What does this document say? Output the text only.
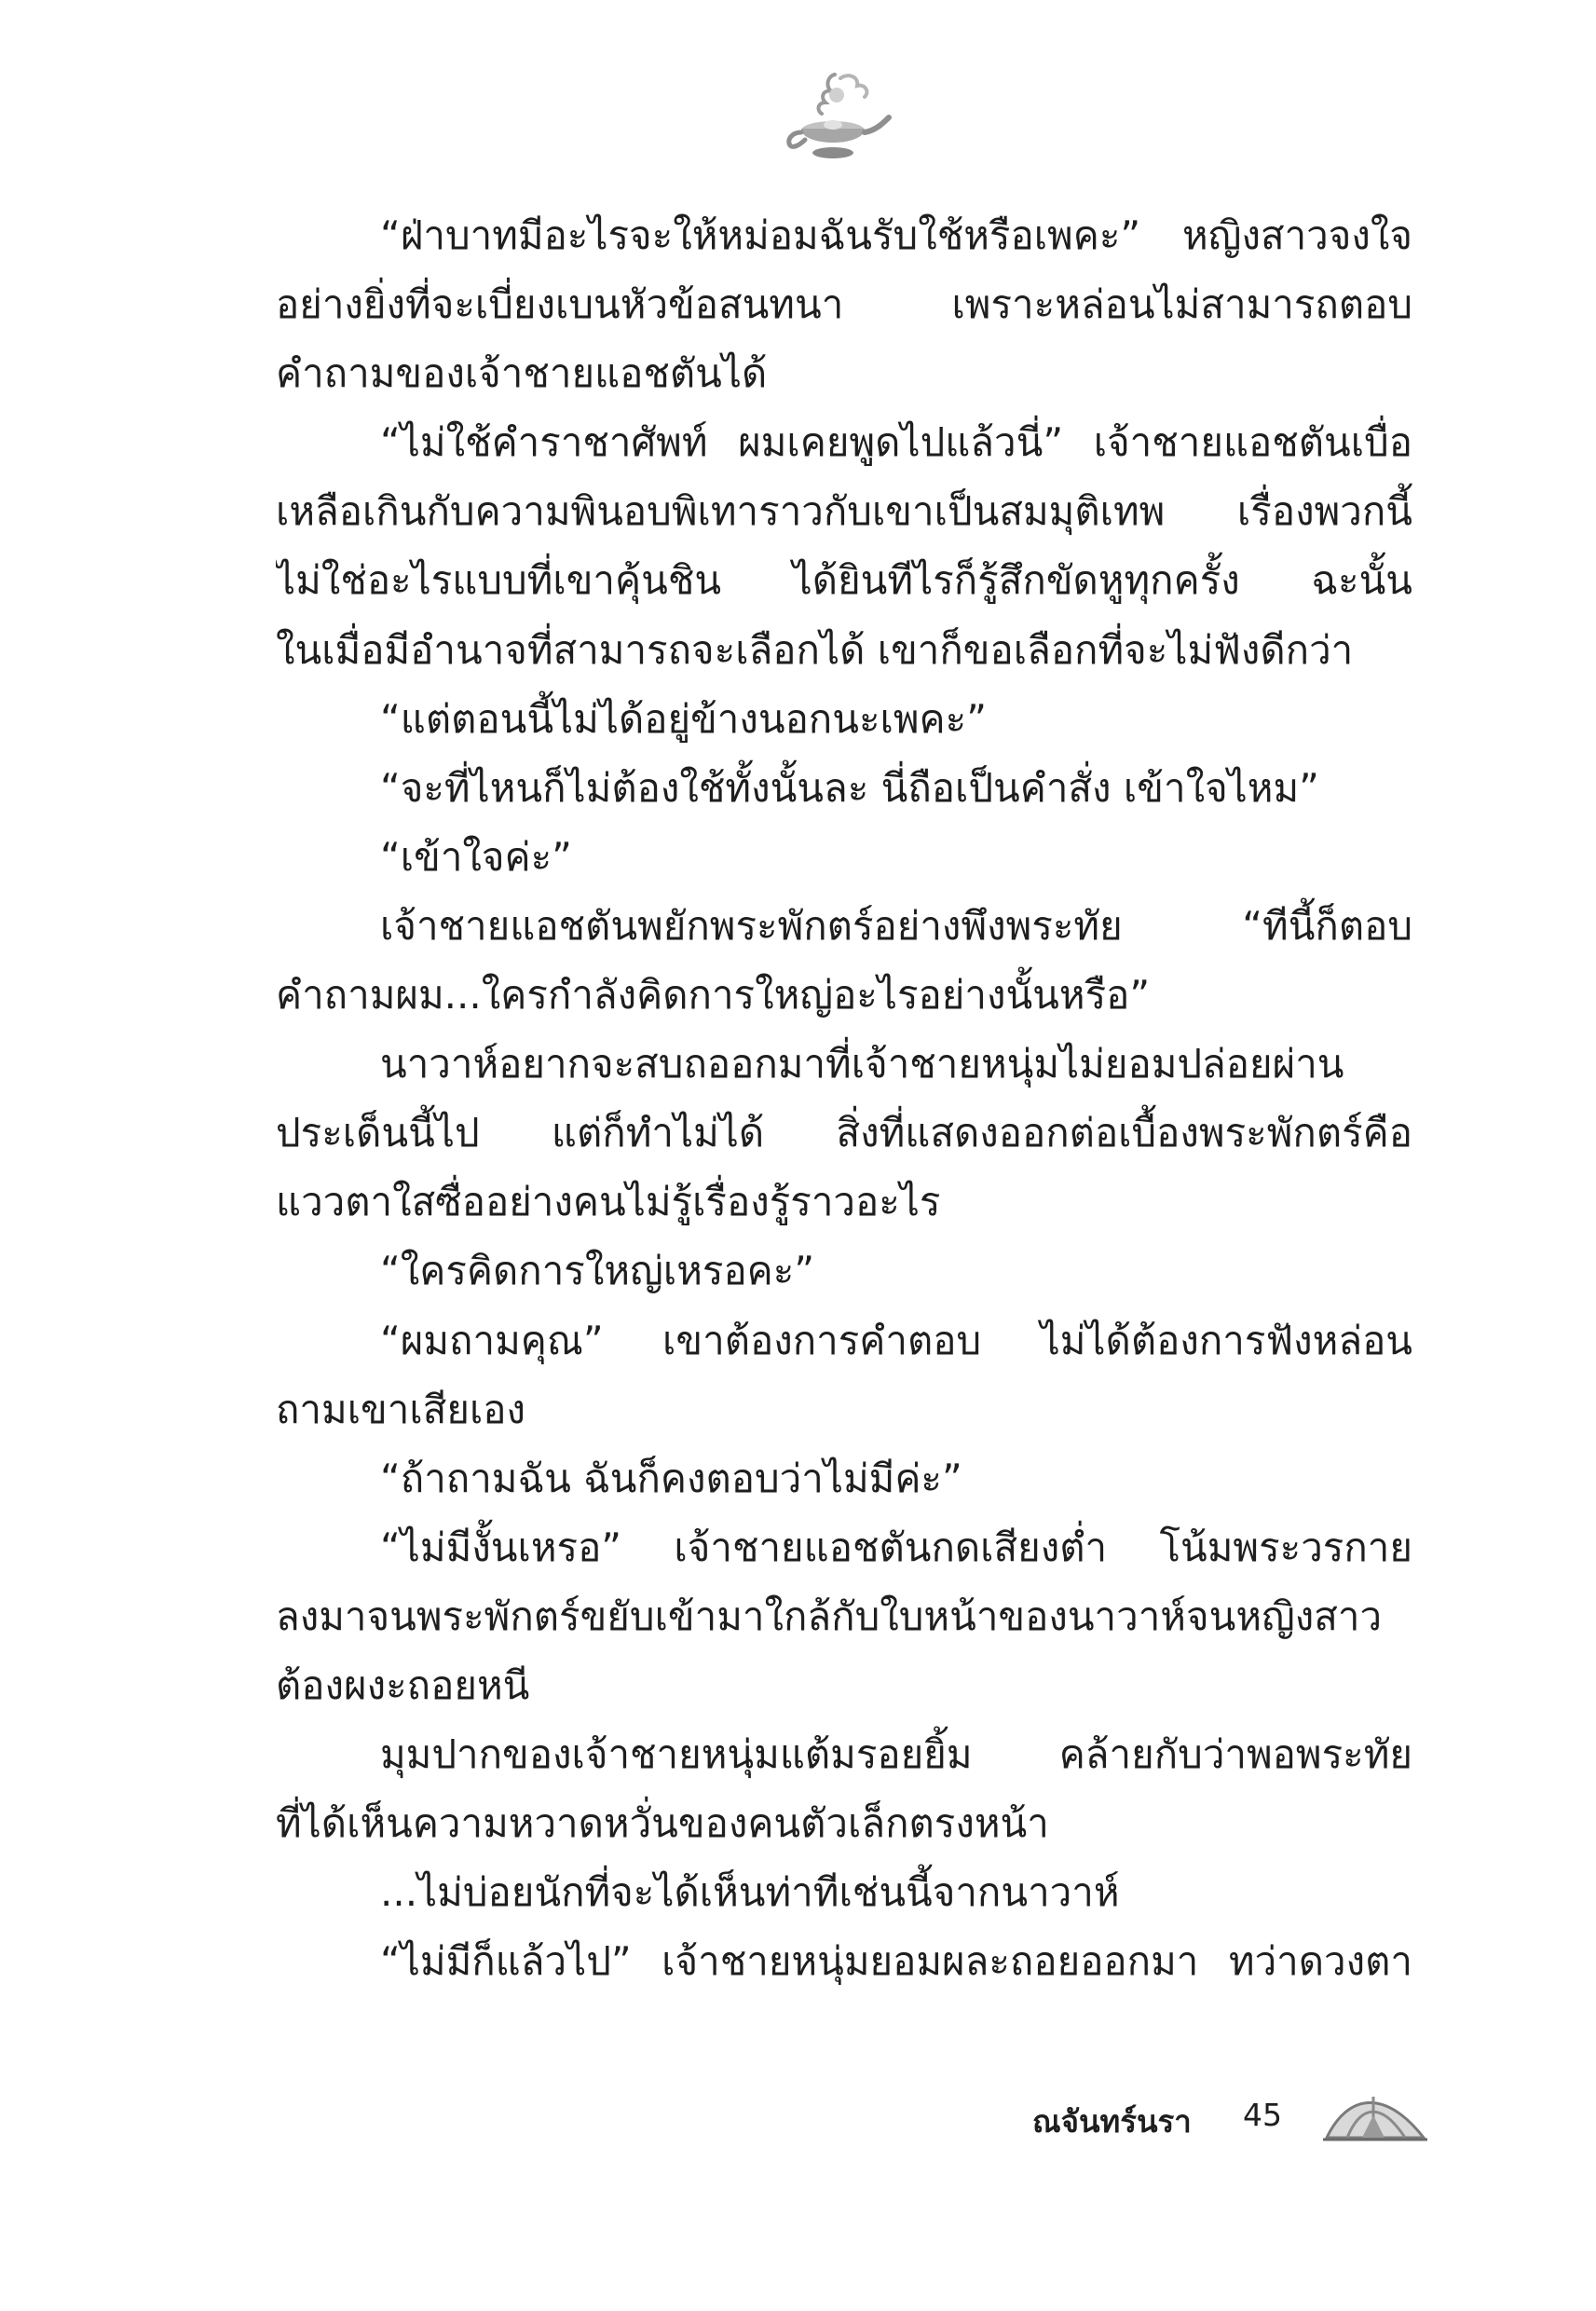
“ฝ่าบาทมีอะไรจะให้หม่อมฉันรับใช้หรือเพคะ” หญิงสาวจงใจ
อย่างยิ่งที่จะเบี่ยงเบนหัวข้อสนทนา เพราะหล่อนไม่สามารถตอบ
คำถามของเจ้าชายแอชตันได้
“ไม่ใช้คำราชาศัพท์ ผมเคยพูดไปแล้วนี่” เจ้าชายแอชตันเบื่อ
เหลือเกินกับความพินอบพิเทาราวกับเขาเป็นสมมุติเทพ เรื่องพวกนี้
ไม่ใช่อะไรแบบที่เขาคุ้นชิน ได้ยินทีไรก็รู้สึกขัดหูทุกครั้ง ฉะนั้น
ในเมื่อมีอำนาจที่สามารถจะเลือกได้ เขาก็ขอเลือกที่จะไม่ฟังดีกว่า
“แต่ตอนนี้ไม่ได้อยู่ข้างนอกนะเพคะ”
“จะที่ไหนก็ไม่ต้องใช้ทั้งนั้นละ นี่ถือเป็นคำสั่ง เข้าใจไหม”
“เข้าใจค่ะ”
เจ้าชายแอชตันพยักพระพักตร์อย่างพึงพระทัย “ทีนี้ก็ตอบ
คำถามผม...ใครกำลังคิดการใหญ่อะไรอย่างนั้นหรือ”
นาวาห์อยากจะสบถออกมาที่เจ้าชายหนุ่มไม่ยอมปล่อยผ่าน
ประเด็นนี้ไป แต่ก็ทำไม่ได้ สิ่งที่แสดงออกต่อเบื้องพระพักตร์คือ
แววตาใสซื่ออย่างคนไม่รู้เรื่องรู้ราวอะไร
“ใครคิดการใหญ่เหรอคะ”
“ผมถามคุณ” เขาต้องการคำตอบ ไม่ได้ต้องการฟังหล่อน
ถามเขาเสียเอง
“ถ้าถามฉัน ฉันก็คงตอบว่าไม่มีค่ะ”
“ไม่มีงั้นเหรอ” เจ้าชายแอชตันกดเสียงต่ำ โน้มพระวรกาย
ลงมาจนพระพักตร์ขยับเข้ามาใกล้กับใบหน้าของนาวาห์จนหญิงสาว
ต้องผงะถอยหนี
มุมปากของเจ้าชายหนุ่มแต้มรอยยิ้ม คล้ายกับว่าพอพระทัย
ที่ได้เห็นความหวาดหวั่นของคนตัวเล็กตรงหน้า
...ไม่บ่อยนักที่จะได้เห็นท่าทีเช่นนี้จากนาวาห์
“ไม่มีก็แล้วไป” เจ้าชายหนุ่มยอมผละถอยออกมา ทว่าดวงตา
ณจันทร์นรา 45
